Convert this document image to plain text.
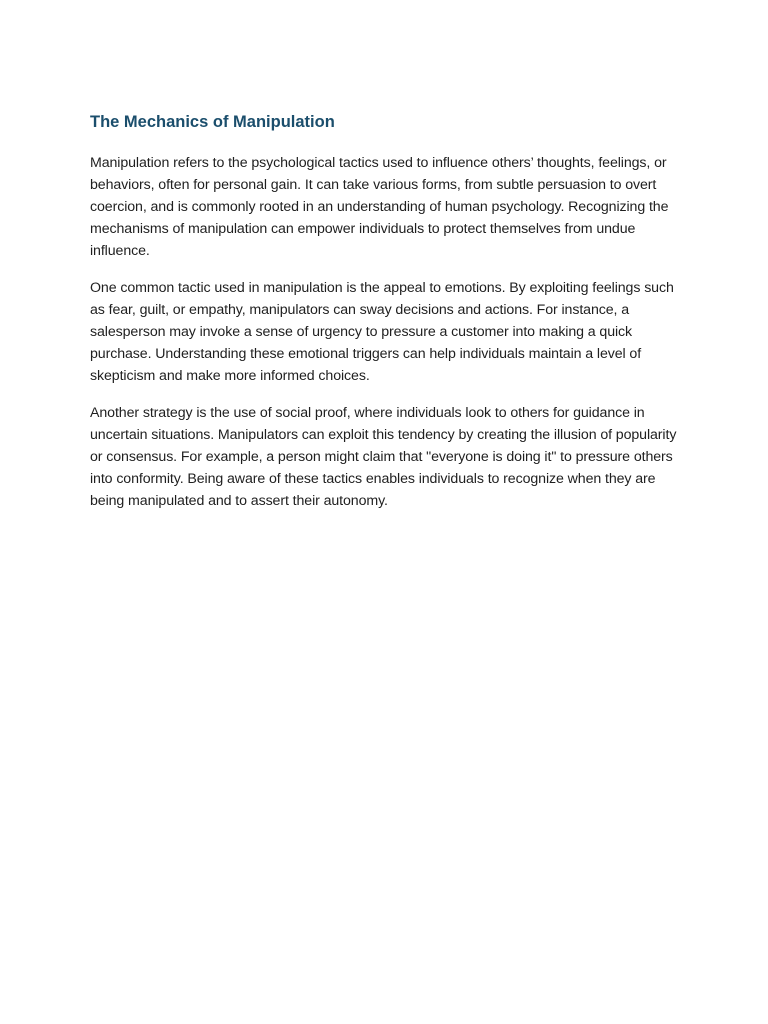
The Mechanics of Manipulation

Manipulation refers to the psychological tactics used to influence others’ thoughts, feelings, or behaviors, often for personal gain. It can take various forms, from subtle persuasion to overt coercion, and is commonly rooted in an understanding of human psychology. Recognizing the mechanisms of manipulation can empower individuals to protect themselves from undue influence.

One common tactic used in manipulation is the appeal to emotions. By exploiting feelings such as fear, guilt, or empathy, manipulators can sway decisions and actions. For instance, a salesperson may invoke a sense of urgency to pressure a customer into making a quick purchase. Understanding these emotional triggers can help individuals maintain a level of skepticism and make more informed choices.

Another strategy is the use of social proof, where individuals look to others for guidance in uncertain situations. Manipulators can exploit this tendency by creating the illusion of popularity or consensus. For example, a person might claim that "everyone is doing it" to pressure others into conformity. Being aware of these tactics enables individuals to recognize when they are being manipulated and to assert their autonomy.
